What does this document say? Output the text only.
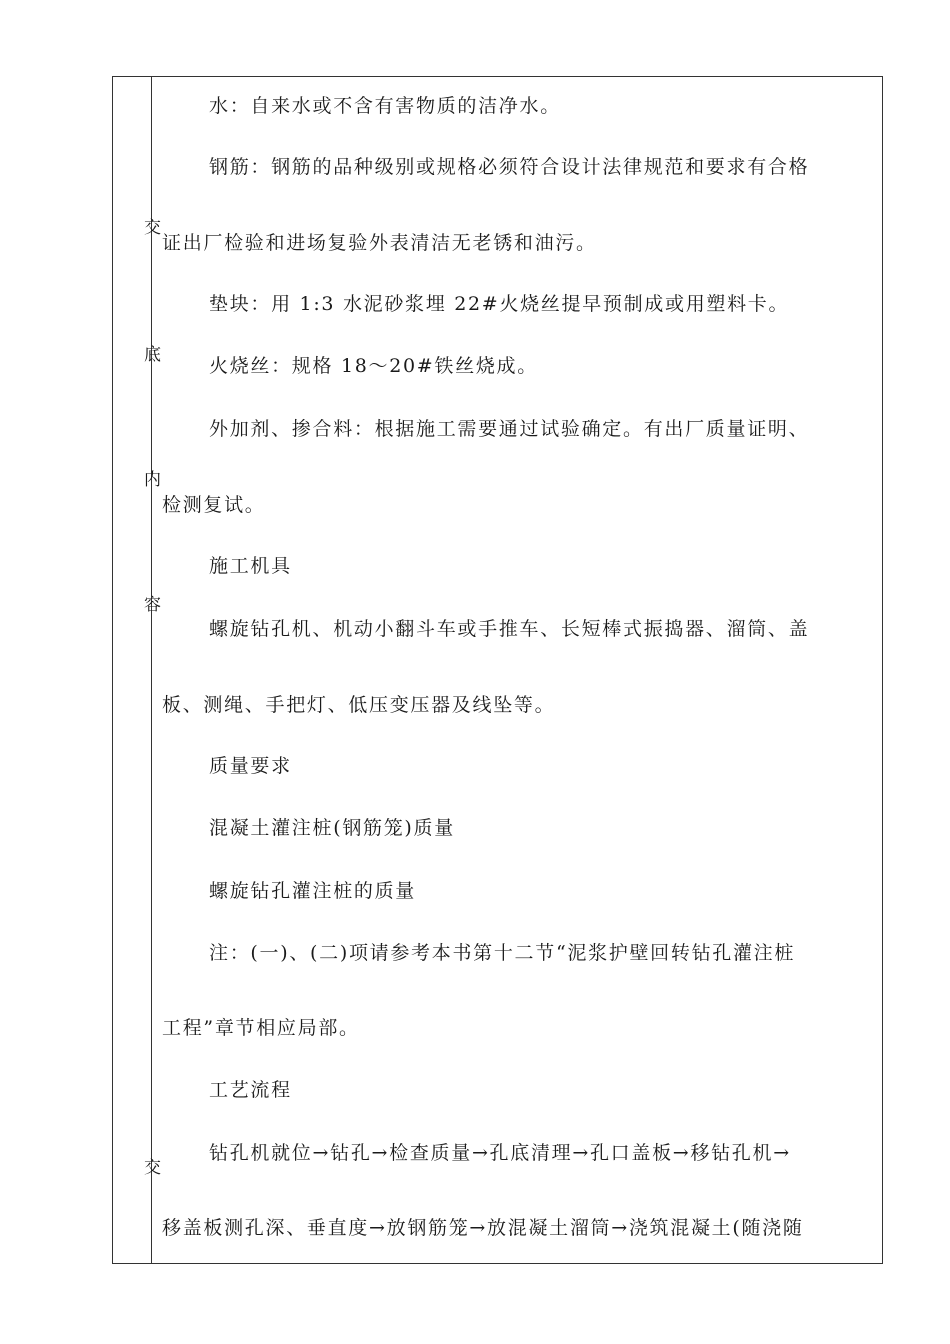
交
底
内
容
交
水：自来水或不含有害物质的洁净水。
钢筋：钢筋的品种级别或规格必须符合设计法律规范和要求有合格
证出厂检验和进场复验外表清洁无老锈和油污。
垫块：用 1:3 水泥砂浆埋 22#火烧丝提早预制成或用塑料卡。
火烧丝：规格 18～20#铁丝烧成。
外加剂、掺合料：根据施工需要通过试验确定。有出厂质量证明、
检测复试。
施工机具
螺旋钻孔机、机动小翻斗车或手推车、长短棒式振捣器、溜筒、盖
板、测绳、手把灯、低压变压器及线坠等。
质量要求
混凝土灌注桩(钢筋笼)质量
螺旋钻孔灌注桩的质量
注：(一)、(二)项请参考本书第十二节“泥浆护壁回转钻孔灌注桩
工程”章节相应局部。
工艺流程
钻孔机就位→钻孔→检查质量→孔底清理→孔口盖板→移钻孔机→
移盖板测孔深、垂直度→放钢筋笼→放混凝土溜筒→浇筑混凝土(随浇随
